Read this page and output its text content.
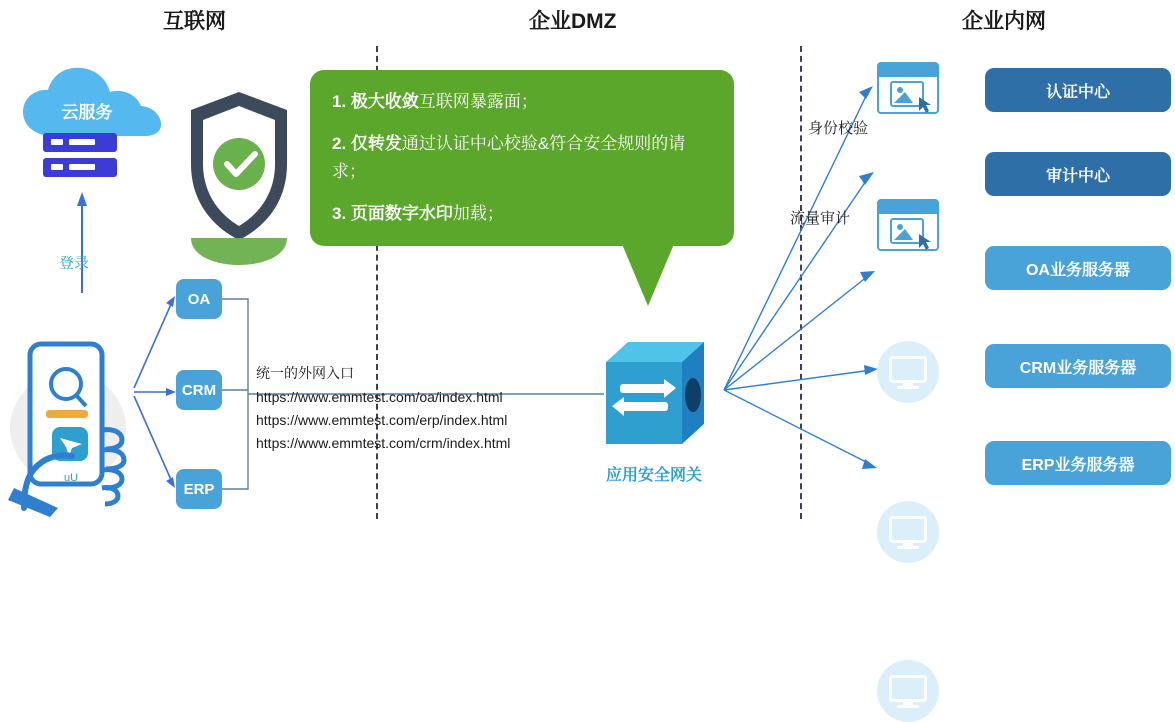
互联网	企业DMZ	企业内网
云服务
登录
uU
OA
CRM
ERP
统一的外网入口
https://www.emmtest.com/oa/index.html
https://www.emmtest.com/erp/index.html
https://www.emmtest.com/crm/index.html

1. 极大收敛互联网暴露面；

2. 仅转发通过认证中心校验&符合安全规则的请求；

3. 页面数字水印加载；

应用安全网关
身份校验
流量审计
认证中心
审计中心
OA业务服务器
CRM业务服务器
ERP业务服务器
